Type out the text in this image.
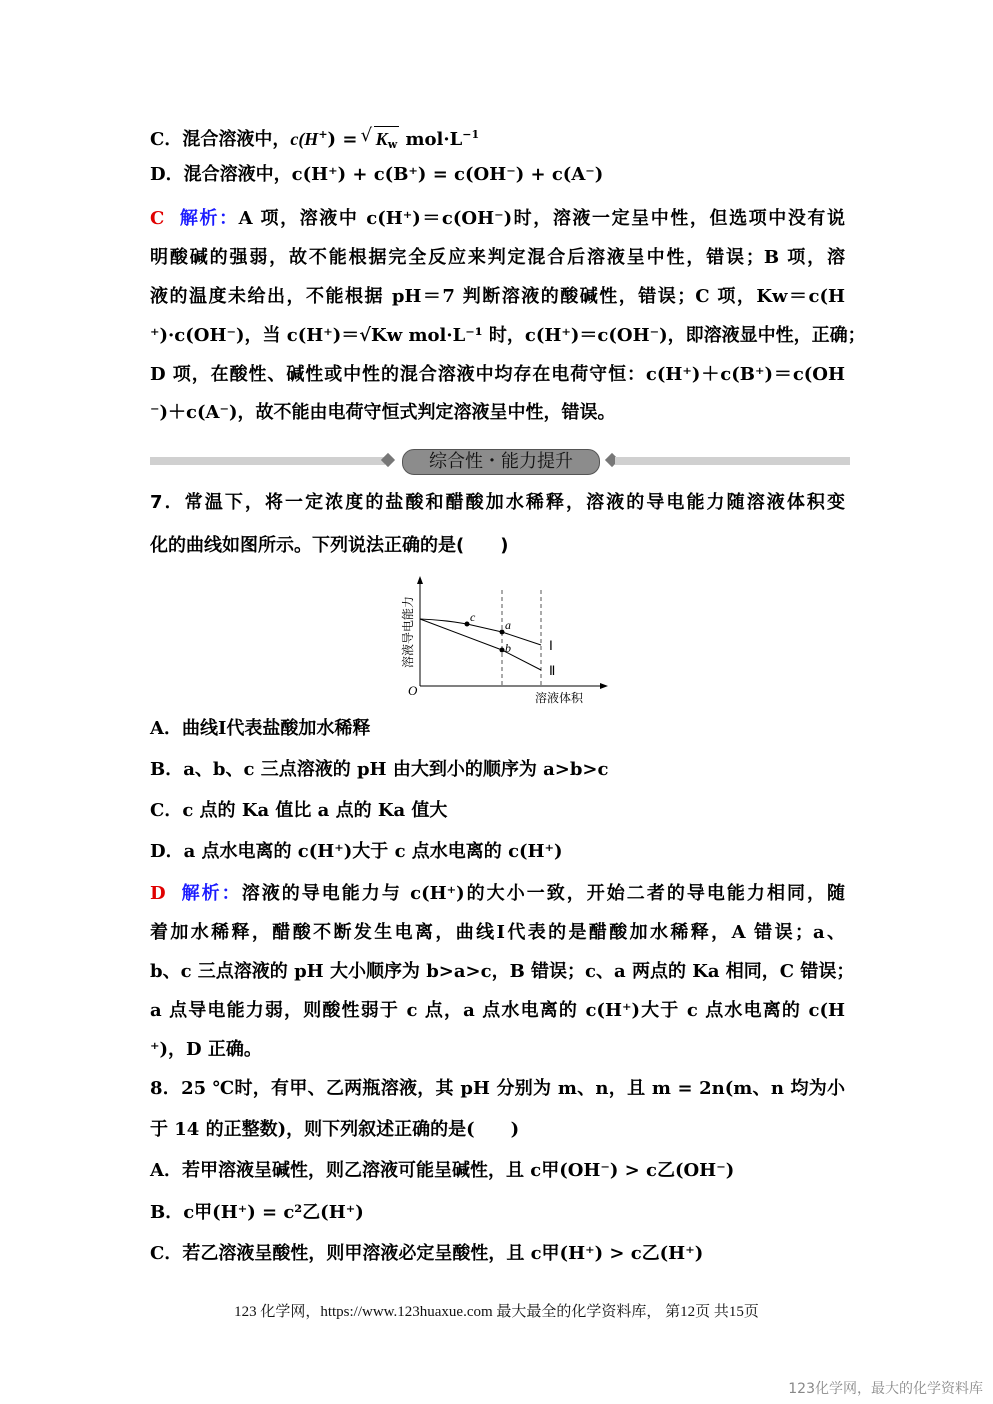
C．混合溶液中，c(H+) = √ $K_w$ $mol\cdot L^{-1}$
D．混合溶液中，c(H⁺) + c(B⁺) = c(OH⁻) + c(A⁻)
C 解析：A 项，溶液中 c(H⁺)＝c(OH⁻)时，溶液一定呈中性，但选项中没有说
明酸碱的强弱，故不能根据完全反应来判定混合后溶液呈中性，错误；B 项，溶
液的温度未给出，不能根据 pH＝7 判断溶液的酸碱性，错误；C 项，Kw＝c(H
⁺)·c(OH⁻)，当 c(H⁺)＝√Kw mol·L⁻¹ 时，c(H⁺)＝c(OH⁻)，即溶液显中性，正确；
D 项，在酸性、碱性或中性的混合溶液中均存在电荷守恒：c(H⁺)＋c(B⁺)＝c(OH
⁻)＋c(A⁻)，故不能由电荷守恒式判定溶液呈中性，错误。
综合性・能力提升
7．常温下，将一定浓度的盐酸和醋酸加水稀释，溶液的导电能力随溶液体积变
化的曲线如图所示。下列说法正确的是(　　)
c
a
b	Ⅰ
Ⅱ
O	溶液体积
溶液导电能力
A．曲线Ⅰ代表盐酸加水稀释
B．a、b、c 三点溶液的 pH 由大到小的顺序为 a>b>c
C．c 点的 Ka 值比 a 点的 Ka 值大
D．a 点水电离的 c(H⁺)大于 c 点水电离的 c(H⁺)
D 解析：溶液的导电能力与 c(H⁺)的大小一致，开始二者的导电能力相同，随
着加水稀释，醋酸不断发生电离，曲线Ⅰ代表的是醋酸加水稀释，A 错误；a、
b、c 三点溶液的 pH 大小顺序为 b>a>c，B 错误；c、a 两点的 Ka 相同，C 错误；
a 点导电能力弱，则酸性弱于 c 点，a 点水电离的 c(H⁺)大于 c 点水电离的 c(H
⁺)，D 正确。
8．25 ℃时，有甲、乙两瓶溶液，其 pH 分别为 m、n，且 m = 2n(m、n 均为小
于 14 的正整数)，则下列叙述正确的是(　　)
A．若甲溶液呈碱性，则乙溶液可能呈碱性，且 c甲(OH⁻) > c乙(OH⁻)
B．c甲(H⁺) = c²乙(H⁺)
C．若乙溶液呈酸性，则甲溶液必定呈酸性，且 c甲(H⁺) > c乙(H⁺)
123 化学网，https://www.123huaxue.com 最大最全的化学资料库， 第12页 共15页
123化学网，最大的化学资料库
